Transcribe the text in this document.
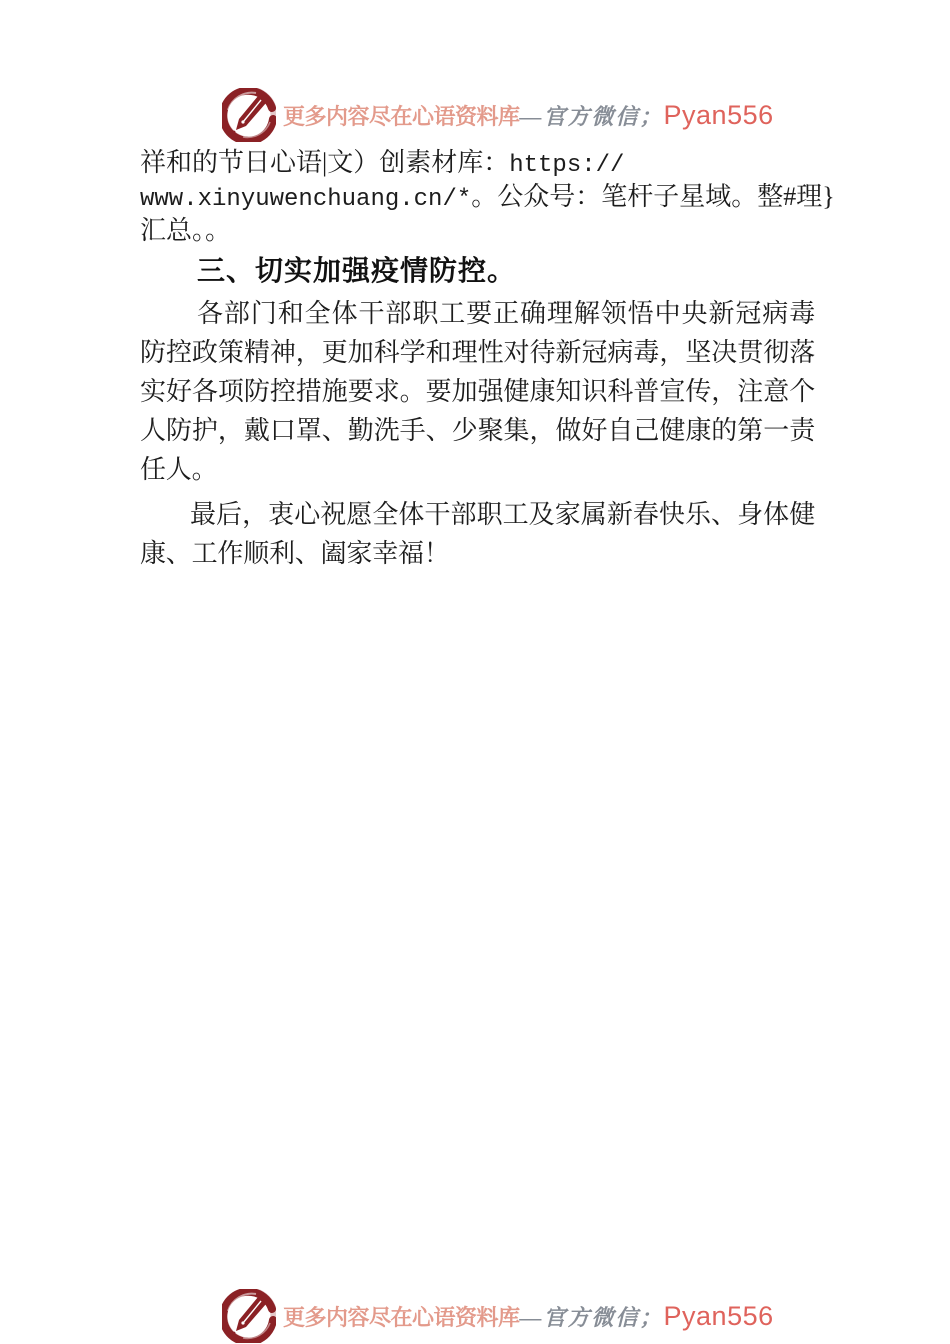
更多内容尽在心语资料库—官方微信；Pyan556
祥和的节日心语|文）创素材库：https://
www.xinyuwenchuang.cn/*。公众号：笔杆子星域。整#理}
汇总。。
三、切实加强疫情防控。
各部门和全体干部职工要正确理解领悟中央新冠病毒防控政策精神，更加科学和理性对待新冠病毒，坚决贯彻落实好各项防控措施要求。要加强健康知识科普宣传，注意个人防护，戴口罩、勤洗手、少聚集，做好自己健康的第一责任人。
最后，衷心祝愿全体干部职工及家属新春快乐、身体健康、工作顺利、阖家幸福！
更多内容尽在心语资料库—官方微信；Pyan556
